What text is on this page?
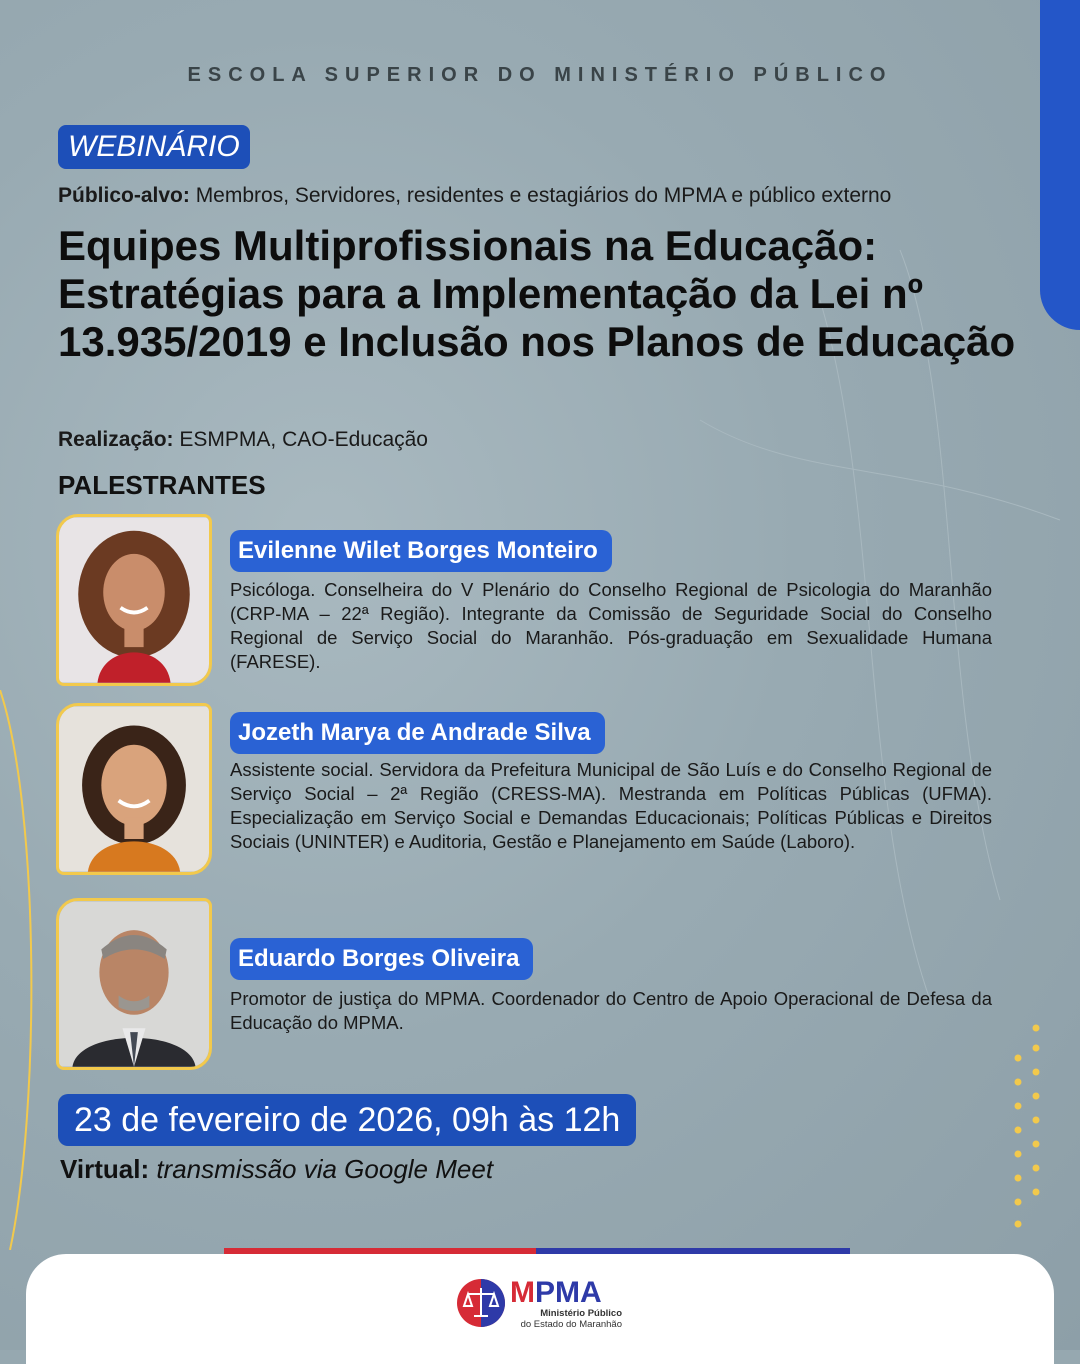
ESCOLA SUPERIOR DO MINISTÉRIO PÚBLICO
WEBINÁRIO
Público-alvo: Membros, Servidores, residentes e estagiários do MPMA e público externo
Equipes Multiprofissionais na Educação: Estratégias para a Implementação da Lei nº 13.935/2019 e Inclusão nos Planos de Educação
Realização: ESMPMA, CAO-Educação
PALESTRANTES
Evilenne Wilet Borges Monteiro
Psicóloga. Conselheira do V Plenário do Conselho Regional de Psicologia do Maranhão (CRP-MA – 22ª Região). Integrante da Comissão de Seguridade Social do Conselho Regional de Serviço Social do Maranhão. Pós-graduação em Sexualidade Humana (FARESE).
Jozeth Marya de Andrade Silva
Assistente social. Servidora da Prefeitura Municipal de São Luís e do Conselho Regional de Serviço Social – 2ª Região (CRESS-MA). Mestranda em Políticas Públicas (UFMA). Especialização em Serviço Social e Demandas Educacionais; Políticas Públicas e Direitos Sociais (UNINTER) e Auditoria, Gestão e Planejamento em Saúde (Laboro).
Eduardo Borges Oliveira
Promotor de justiça do MPMA. Coordenador do Centro de Apoio Operacional de Defesa da Educação do MPMA.
23 de fevereiro de 2026, 09h às 12h
Virtual: transmissão via Google Meet
MPMA
Ministério Público
do Estado do Maranhão
